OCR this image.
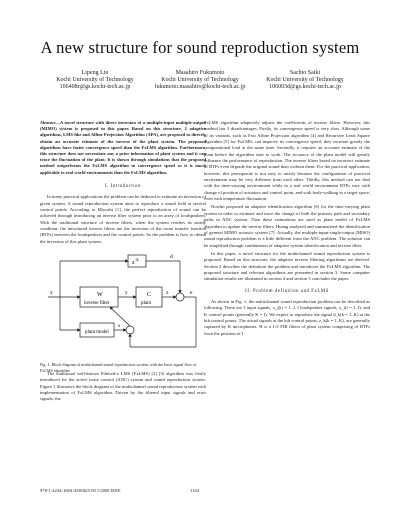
A new structure for sound reproduction system
Lipeng Liu
Kochi University of Technology
106408r@gs.kochi-tech.ac.jp
Masahiro Fukumoto
Kochi University of Technology
fukumoto.masahiro@kochi-tech.ac.jp
Sachio Saiki
Kochi University of Technology
106003d@gs.kochi-tech.ac.jp
Abstract—A novel structure with direct inversion of a multiple-input multiple-output (MIMO) system is proposed in this paper. Based on this structure, 2 adaptive algorithms, LMS-like and Affine Projection Algorithm (APA), are proposed to directly obtain an accurate estimate of the inverse of the plant system. The proposed algorithms have faster convergence speed than the FxLMS algorithm. Furthermore, this structure does not necessitate any a prior information of plant system and it can trace the fluctuation of the plant. It is shown through simulations that the proposed method outperforms the FxLMS algorithm in convergence speed so it is much applicable to real world environments than the FxLMS algorithm.
I. Introduction

In many practical applications the problem can be deduced to estimate an inversion of given system. A sound reproduction system aims to reproduce a sound field at several control points. According to Miyoshi [1], the perfect reproduction of sound can be achieved through introducing an inverse filter system prior to an array of loudspeakers. With the traditional structure of inverse filters, when the system reaches its steady condition, the introduced inverse filters are the inversion of the room transfer function (RTFs) between the loudspeakers and the control points. So the problem is how to obtain the inversion of this plant system.

$z^{-\Delta}$
W
inverse filter
C
plant
plant model
x
d
y	z	e
s
Fig. 1. Block diagram of multichannel sound reproduction system, with the basic signal flow of FxLMS algorithm

The traditional well-known Filtered-x LMS (FxLMS) [2] [3] algorithm was firstly introduced for the active noise control (ANC) system and sound reproduction system. Figure 1 illustrates the block diagram of the multichannel sound reproduction system with implementation of FxLMS algorithm. Driven by the filtered input signals and error signals, the

FxLMS algorithm adaptively adjusts the coefficients of inverse filters. However, this method has 3 disadvantages. Firstly, its convergence speed is very slow. Although some of its variants, such as Fast Affine Projection algorithm [4] and Recursive Least Square algorithm [5] for FxLMS, can improve its convergence speed, they increase greatly the computational load at the same time. Secondly, it requires an accurate estimate of the plant before the algorithm start to work. The accuracy of the plant model will greatly influence the performance of reproduction. The inverse filters based on incorrect estimate of RTFs even degrade the original sound than without them. For the practical application, however, this prerequisite is not easy to satisfy because the configuration of practical environment may be very different from each other. Thirdly, this method can not deal with the time-varying environment while in a real world environment RTFs vary with change of position of actuators and control point, and with body-walking in a target space, even with temperature fluctuation.

Nowhn proposed an adaptive identification algorithm [6] for the time-varying plant system in order to estimate and trace the change of both the primary path and secondary paths in ANC system. Then these estimations are used as plant model of FxLMS algorithm to update the inverse filters. Huang analyzed and summarized the identification of general MIMO acoustic system [7]. Actually, the multiple-input-single-output (MISO) sound reproduction problem is a little different from the ANC problem. The solution can be simplified through combination of adaptive system identification and inverse filter.

In this paper, a novel structure for the multichannel sound reproduction system is proposed. Based on this structure, the adaptive inverse filtering algorithms are derived. Section 2 describes the definition the problem and introduces the FxLMS algorithm. The proposed structure and relevant algorithms are presented in section 3. Some computer simulation results are illustrated in section 4 and section 5 concludes the paper.

II. Problem definition and FxLMS

As shown in Fig. 1, the multichannel sound reproduction problem can be described as following. There are J input signals, x_j(i) = 1..J, I loudspeaker signals, y_i(i = 1..I), and K control points (generally K = I). We expect to reproduce the signal d_k(k = 1..K) at the kth control points. The actual signals at the kth control points, z_k(k = 1..K), are generally captured by K microphones. H is a J×I FIR filters of plant system comprising of RTFs from the position of I

978-1-4244-1684-4/08/$25.00 ©2008 IEEE	1144
